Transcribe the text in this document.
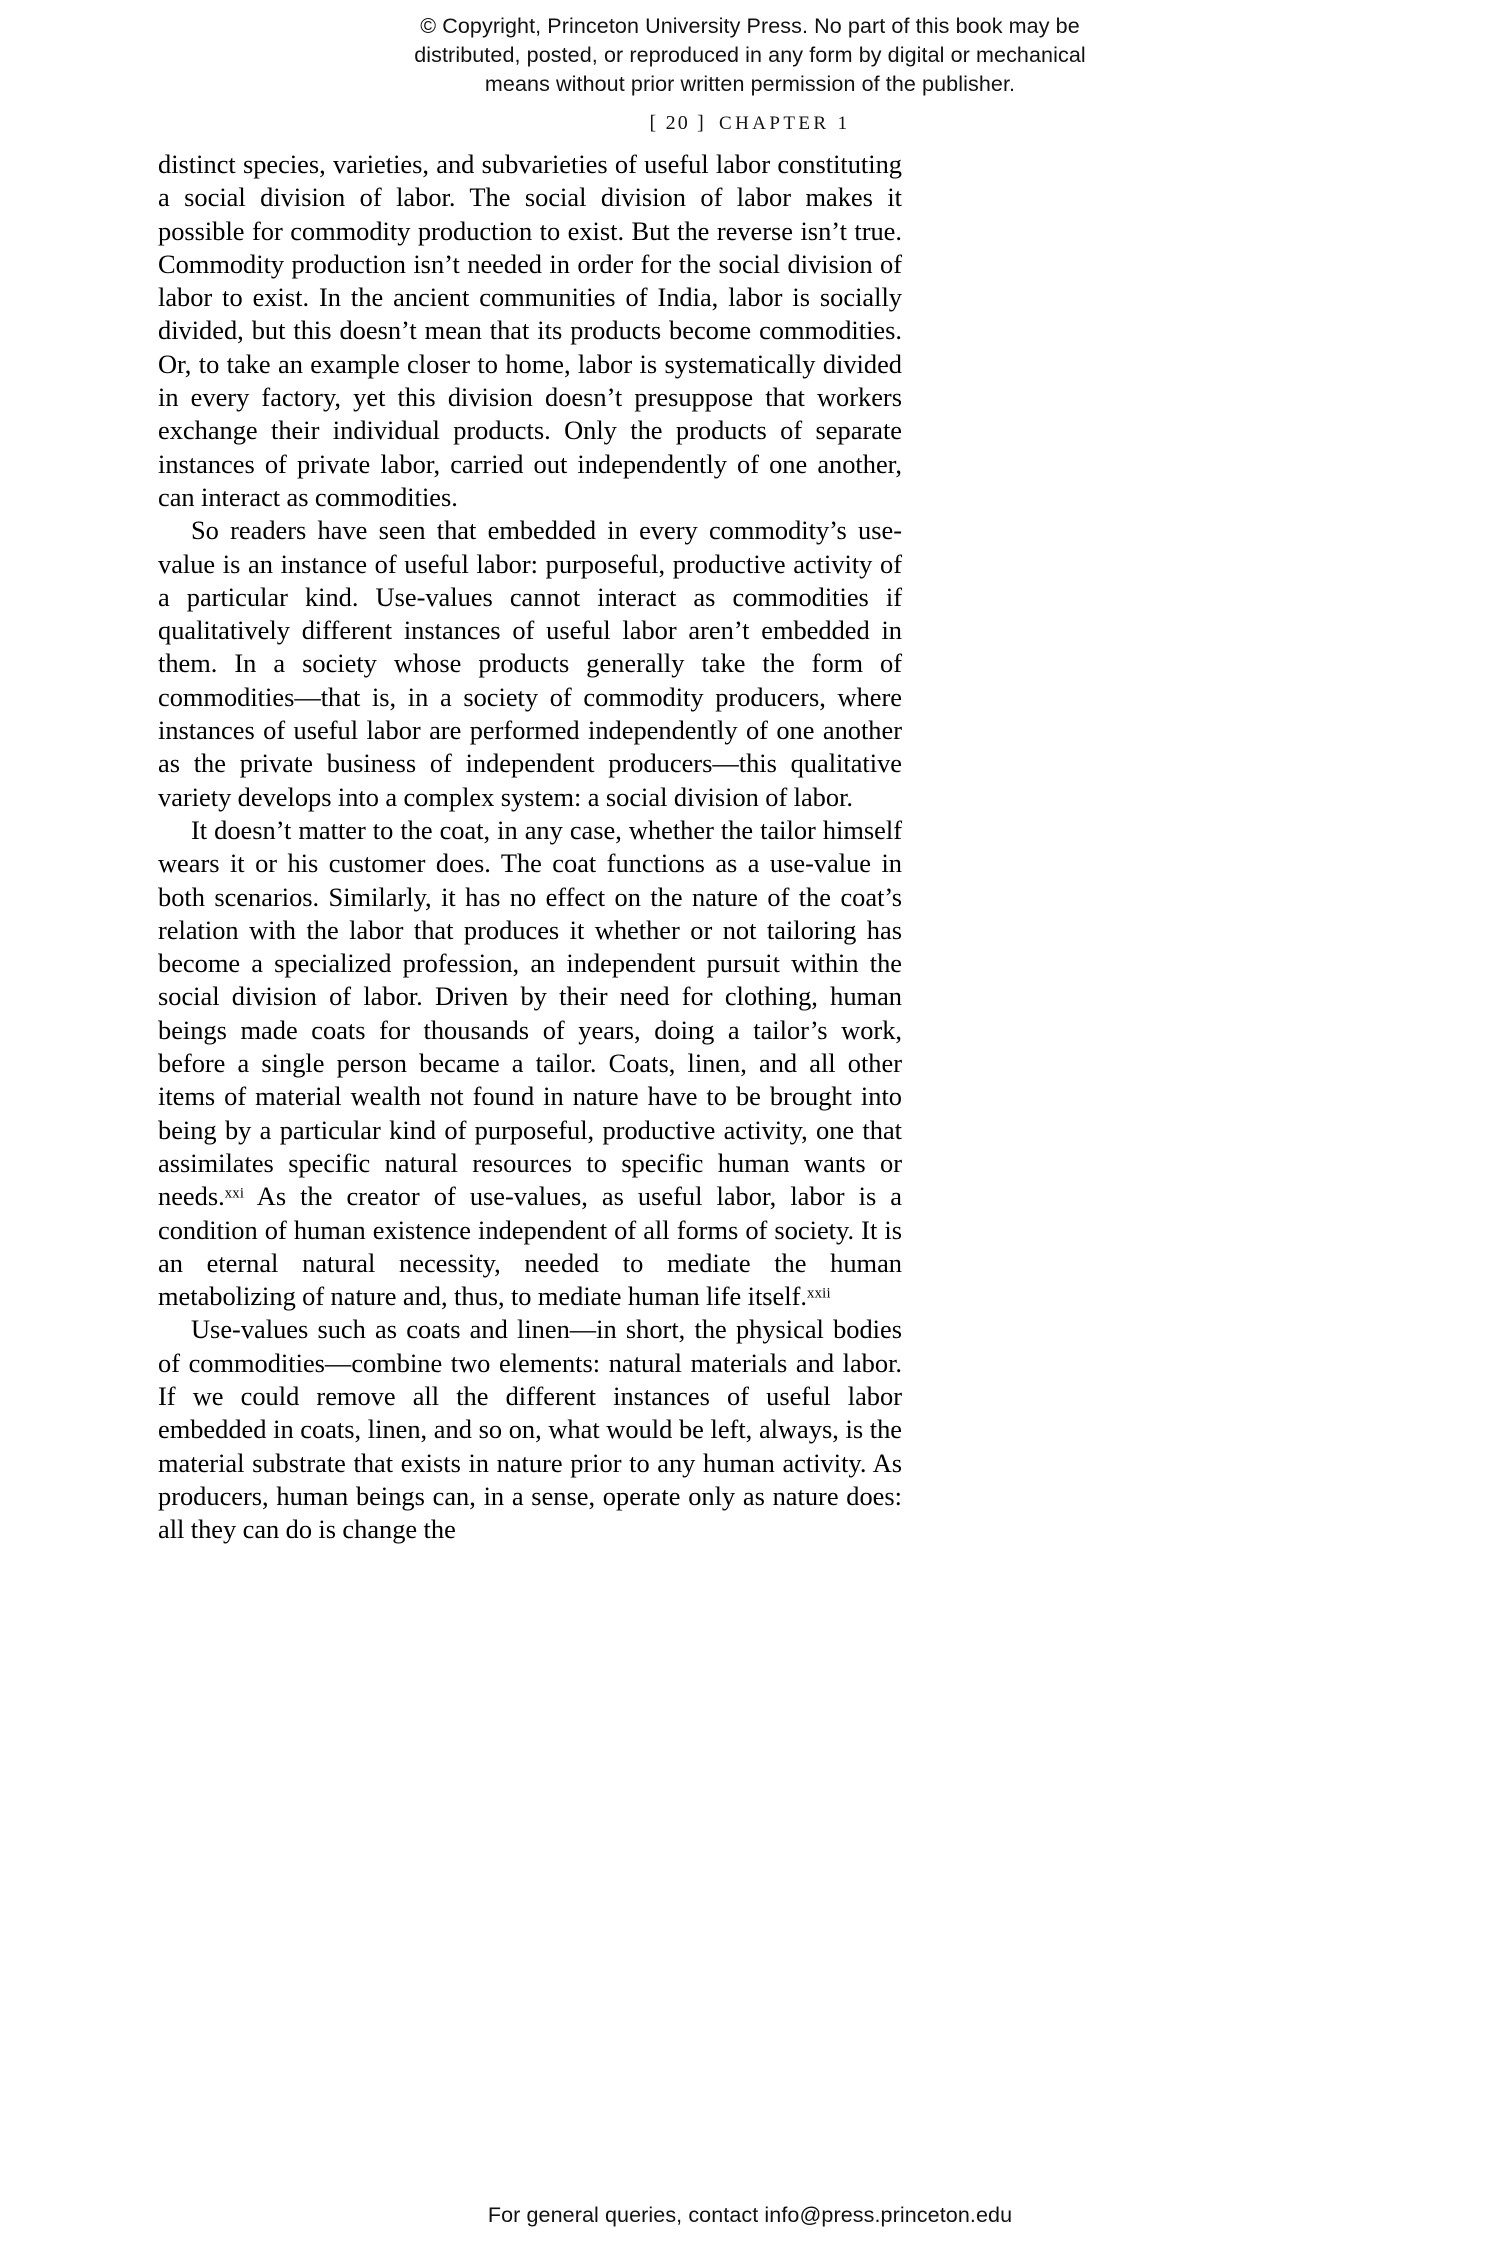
© Copyright, Princeton University Press. No part of this book may be
distributed, posted, or reproduced in any form by digital or mechanical
means without prior written permission of the publisher.
[ 20 ] CHAPTER 1

distinct species, varieties, and subvarieties of useful labor constituting a social division of labor. The social division of labor makes it possible for commodity production to exist. But the reverse isn’t true. Commodity production isn’t needed in order for the social division of labor to exist. In the ancient communities of India, labor is socially divided, but this doesn’t mean that its products become commodities. Or, to take an example closer to home, labor is systematically divided in every factory, yet this division doesn’t presuppose that workers exchange their individual products. Only the products of separate instances of private labor, carried out independently of one another, can interact as commodities.

So readers have seen that embedded in every commodity’s use-value is an instance of useful labor: purposeful, productive activity of a particular kind. Use-values cannot interact as commodities if qualitatively different instances of useful labor aren’t embedded in them. In a society whose products generally take the form of commodities—that is, in a society of commodity producers, where instances of useful labor are performed independently of one another as the private business of independent producers—this qualitative variety develops into a complex system: a social division of labor.

It doesn’t matter to the coat, in any case, whether the tailor himself wears it or his customer does. The coat functions as a use-value in both scenarios. Similarly, it has no effect on the nature of the coat’s relation with the labor that produces it whether or not tailoring has become a specialized profession, an independent pursuit within the social division of labor. Driven by their need for clothing, human beings made coats for thousands of years, doing a tailor’s work, before a single person became a tailor. Coats, linen, and all other items of material wealth not found in nature have to be brought into being by a particular kind of purposeful, productive activity, one that assimilates specific natural resources to specific human wants or needs.$^{xxi}$ As the creator of use-values, as useful labor, labor is a condition of human existence independent of all forms of society. It is an eternal natural necessity, needed to mediate the human metabolizing of nature and, thus, to mediate human life itself.$^{xxii}$

Use-values such as coats and linen—in short, the physical bodies of commodities—combine two elements: natural materials and labor. If we could remove all the different instances of useful labor embedded in coats, linen, and so on, what would be left, always, is the material substrate that exists in nature prior to any human activity. As producers, human beings can, in a sense, operate only as nature does: all they can do is change the

For general queries, contact info@press.princeton.edu
